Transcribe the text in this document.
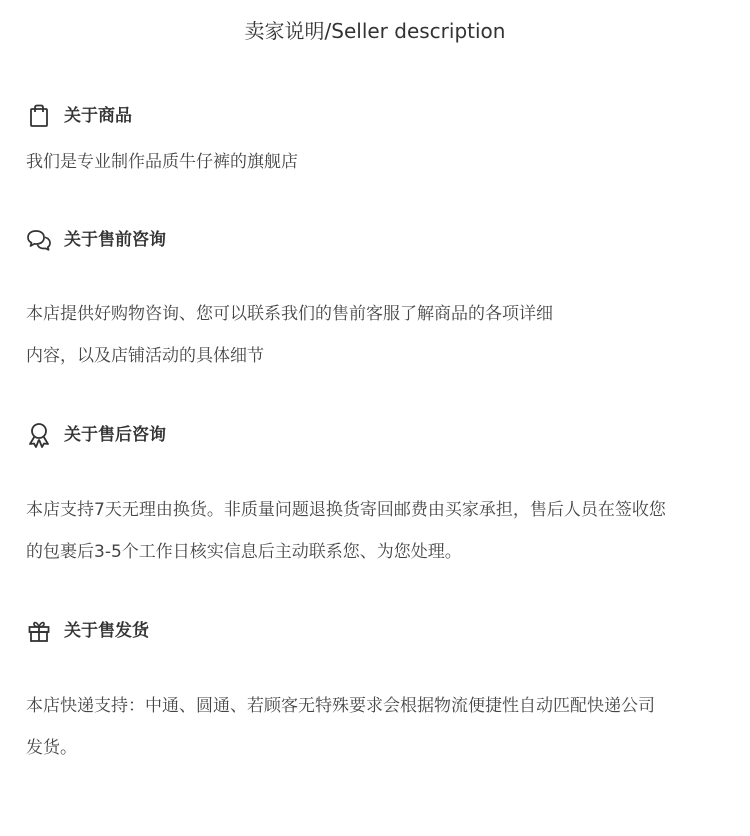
卖家说明/Seller description
关于商品
我们是专业制作品质牛仔裤的旗舰店
关于售前咨询
本店提供好购物咨询、您可以联系我们的售前客服了解商品的各项详细
内容，以及店铺活动的具体细节
关于售后咨询
本店支持7天无理由换货。非质量问题退换货寄回邮费由买家承担，售后人员在签收您
的包裹后3-5个工作日核实信息后主动联系您、为您处理。
关于售发货
本店快递支持：中通、圆通、若顾客无特殊要求会根据物流便捷性自动匹配快递公司
发货。
